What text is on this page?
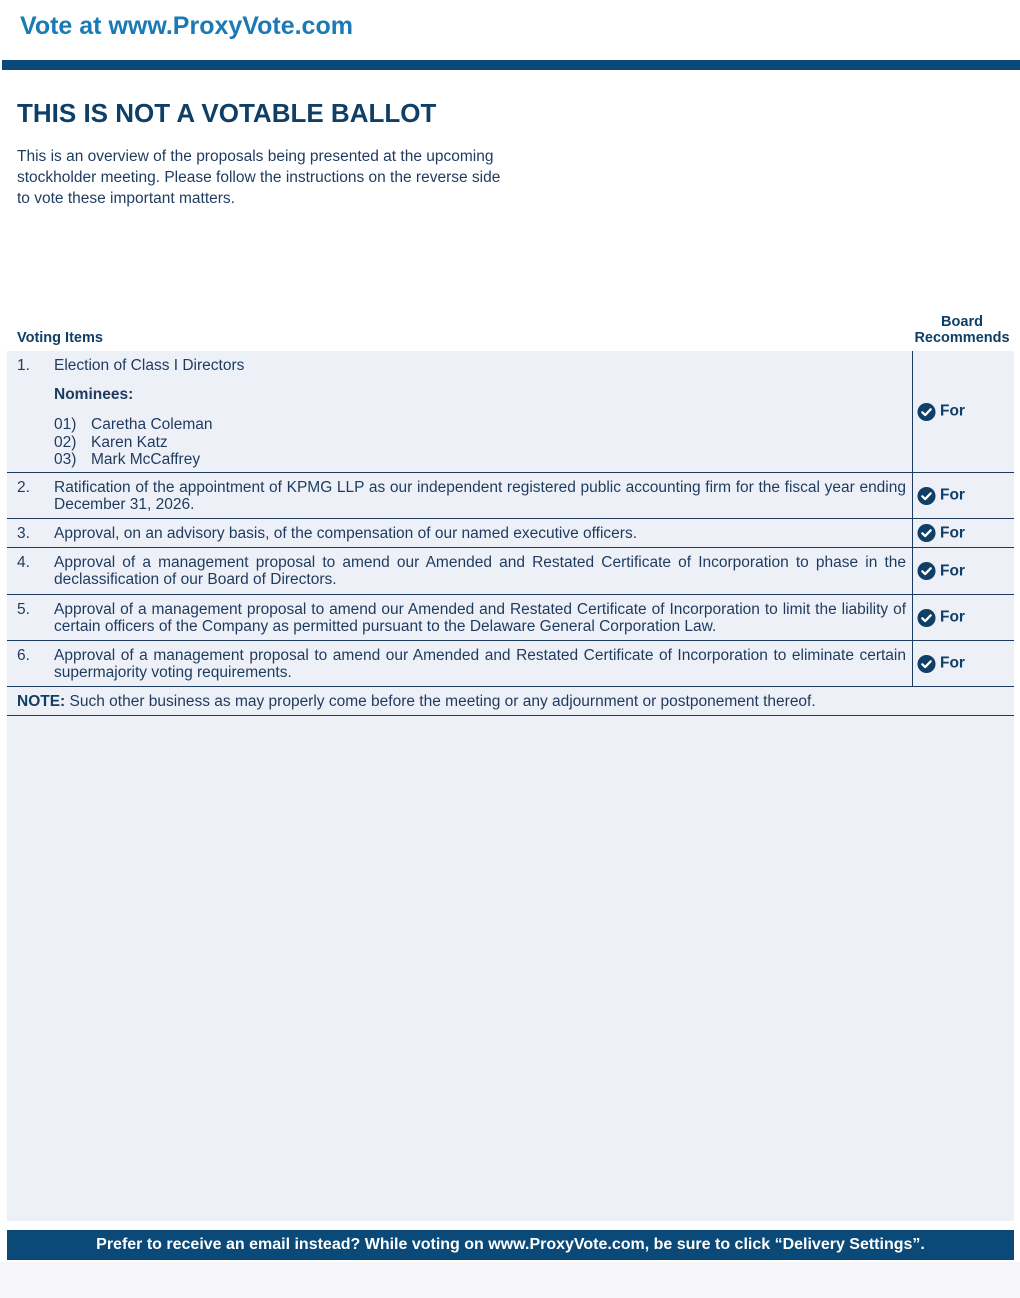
Vote at www.ProxyVote.com
THIS IS NOT A VOTABLE BALLOT

This is an overview of the proposals being presented at the upcoming stockholder meeting. Please follow the instructions on the reverse side to vote these important matters.

Voting Items
Board
Recommends
1. Election of Class I Directors
Nominees:
01) Caretha Coleman
02) Karen Katz
03) Mark McCaffrey
For
2. Ratification of the appointment of KPMG LLP as our independent registered public accounting firm for the fiscal year ending December 31, 2026.
For
3. Approval, on an advisory basis, of the compensation of our named executive officers.	For
4. Approval of a management proposal to amend our Amended and Restated Certificate of Incorporation to phase in the declassification of our Board of Directors.
For
5. Approval of a management proposal to amend our Amended and Restated Certificate of Incorporation to limit the liability of certain officers of the Company as permitted pursuant to the Delaware General Corporation Law.
For
6. Approval of a management proposal to amend our Amended and Restated Certificate of Incorporation to eliminate certain supermajority voting requirements.
For
NOTE: Such other business as may properly come before the meeting or any adjournment or postponement thereof.
Prefer to receive an email instead? While voting on www.ProxyVote.com, be sure to click “Delivery Settings”.
